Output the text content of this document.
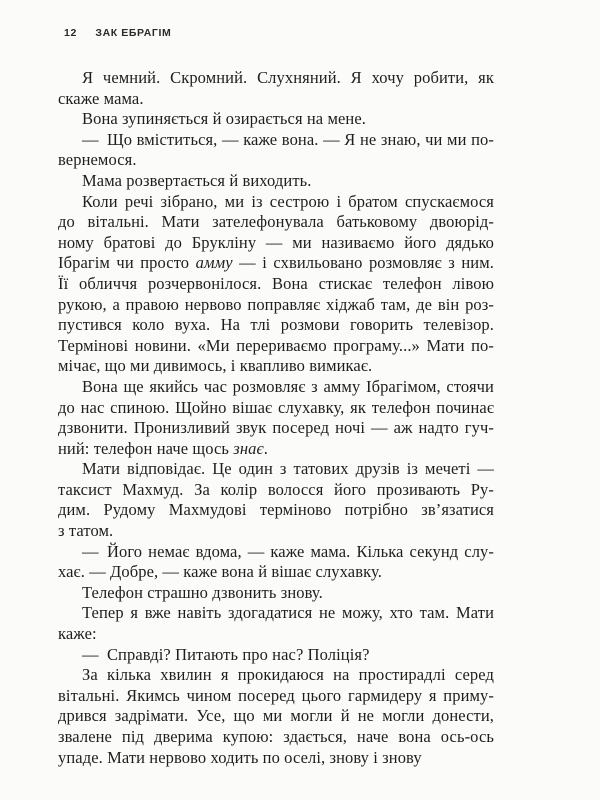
12 ЗАК ЕБРАГІМ
Я чемний. Скромний. Слухняний. Я хочу робити, як
скаже мама.
Вона зупиняється й озирається на мене.
— Що вміститься, — каже вона. — Я не знаю, чи ми по-
вернемося.
Мама розвертається й виходить.
Коли речі зібрано, ми із сестрою і братом спускаємося
до вітальні. Мати зателефонувала батьковому двоюрід-
ному братові до Брукліну — ми називаємо його дядько
Ібрагім чи просто амму — і схвильовано розмовляє з ним.
Її обличчя розчервонілося. Вона стискає телефон лівою
рукою, а правою нервово поправляє хіджаб там, де він роз-
пустився коло вуха. На тлі розмови говорить телевізор.
Термінові новини. «Ми перериваємо програму...» Мати по-
мічає, що ми дивимось, і квапливо вимикає.
Вона ще якийсь час розмовляє з амму Ібрагімом, стоячи
до нас спиною. Щойно вішає слухавку, як телефон починає
дзвонити. Пронизливий звук посеред ночі — аж надто гуч-
ний: телефон наче щось знає.
Мати відповідає. Це один з татових друзів із мечеті —
таксист Махмуд. За колір волосся його прозивають Ру-
дим. Рудому Махмудові терміново потрібно зв’язатися
з татом.
— Його немає вдома, — каже мама. Кілька секунд слу-
хає. — Добре, — каже вона й вішає слухавку.
Телефон страшно дзвонить знову.
Тепер я вже навіть здогадатися не можу, хто там. Мати
каже:
— Справді? Питають про нас? Поліція?
За кілька хвилин я прокидаюся на простирадлі серед
вітальні. Якимсь чином посеред цього гармидеру я приму-
дрився задрімати. Усе, що ми могли й не могли донести,
звалене під дверима купою: здається, наче вона ось-ось
упаде. Мати нервово ходить по оселі, знову і знову
